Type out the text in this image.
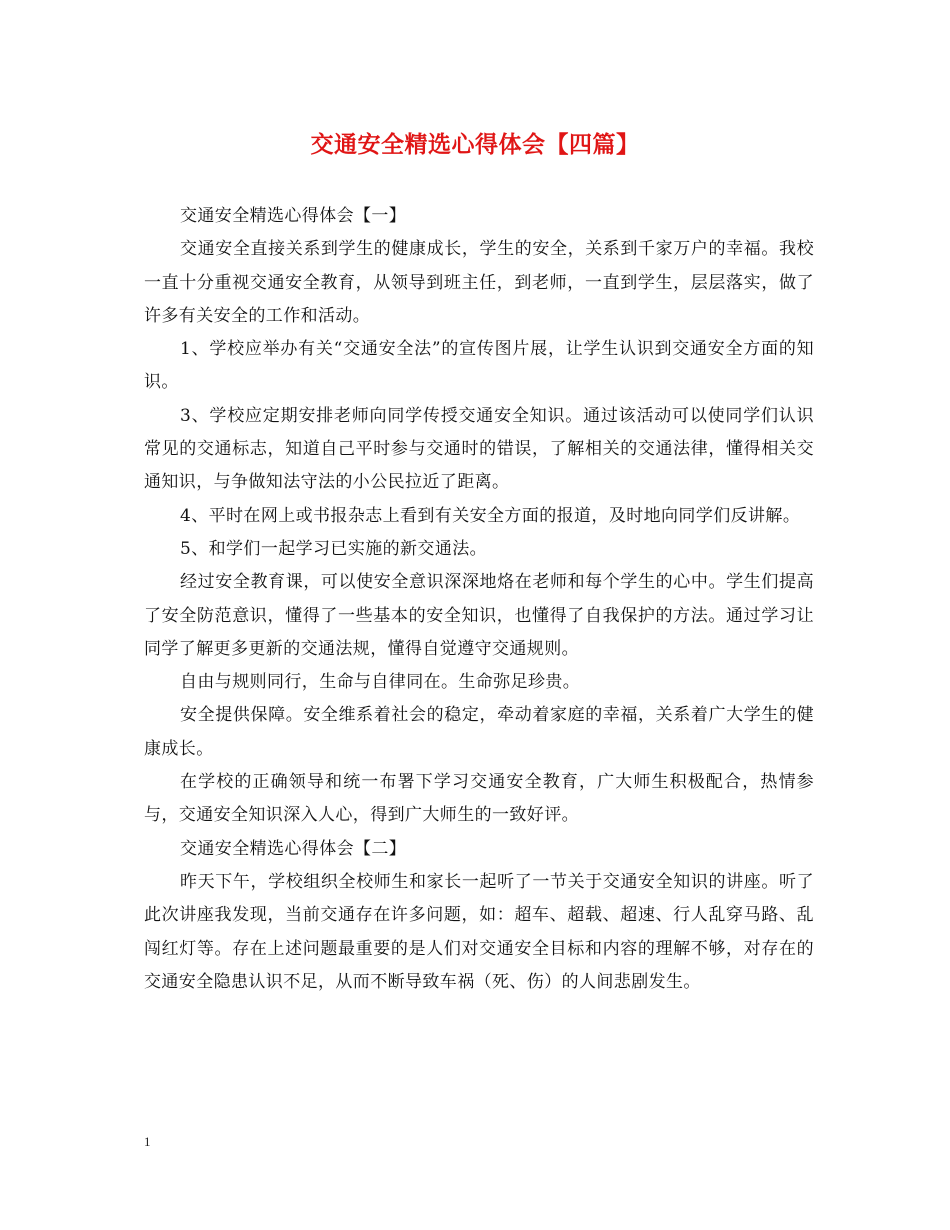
交通安全精选心得体会【四篇】

交通安全精选心得体会【一】

交通安全直接关系到学生的健康成长，学生的安全，关系到千家万户的幸福。我校一直十分重视交通安全教育，从领导到班主任，到老师，一直到学生，层层落实，做了许多有关安全的工作和活动。

1、学校应举办有关“交通安全法”的宣传图片展，让学生认识到交通安全方面的知识。

3、学校应定期安排老师向同学传授交通安全知识。通过该活动可以使同学们认识常见的交通标志，知道自己平时参与交通时的错误，了解相关的交通法律，懂得相关交通知识，与争做知法守法的小公民拉近了距离。

4、平时在网上或书报杂志上看到有关安全方面的报道，及时地向同学们反讲解。

5、和学们一起学习已实施的新交通法。

经过安全教育课，可以使安全意识深深地烙在老师和每个学生的心中。学生们提高了安全防范意识，懂得了一些基本的安全知识，也懂得了自我保护的方法。通过学习让同学了解更多更新的交通法规，懂得自觉遵守交通规则。

自由与规则同行，生命与自律同在。生命弥足珍贵。

安全提供保障。安全维系着社会的稳定，牵动着家庭的幸福，关系着广大学生的健康成长。

在学校的正确领导和统一布署下学习交通安全教育，广大师生积极配合，热情参与，交通安全知识深入人心，得到广大师生的一致好评。

交通安全精选心得体会【二】

昨天下午，学校组织全校师生和家长一起听了一节关于交通安全知识的讲座。听了此次讲座我发现，当前交通存在许多问题，如：超车、超载、超速、行人乱穿马路、乱闯红灯等。存在上述问题最重要的是人们对交通安全目标和内容的理解不够，对存在的交通安全隐患认识不足，从而不断导致车祸（死、伤）的人间悲剧发生。

1
